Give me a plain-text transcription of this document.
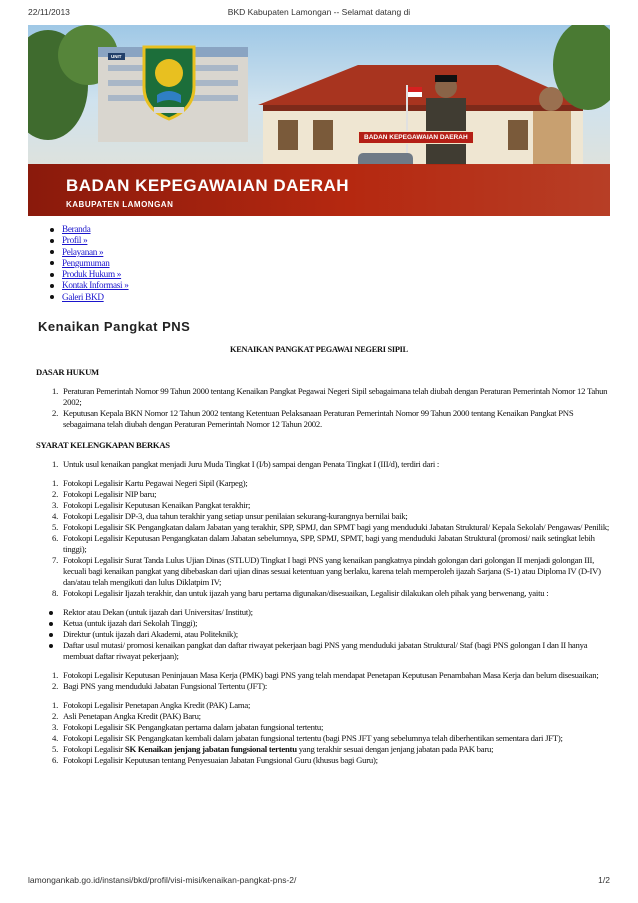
22/11/2013	BKD Kabupaten Lamongan -- Selamat datang di
UNIT
BADAN KEPEGAWAIAN DAERAH
BADAN KEPEGAWAIAN DAERAH
KABUPATEN LAMONGAN
Beranda
Profil »
Pelayanan »
Pengumuman
Produk Hukum »
Kontak Informasi »
Galeri BKD
Kenaikan Pangkat PNS
KENAIKAN PANGKAT PEGAWAI NEGERI SIPIL
DASAR HUKUM
1. Peraturan Pemerintah Nomor 99 Tahun 2000 tentang Kenaikan Pangkat Pegawai Negeri Sipil sebagaimana telah diubah dengan Peraturan Pemerintah Nomor 12 Tahun 2002;
2. Keputusan Kepala BKN Nomor 12 Tahun 2002 tentang Ketentuan Pelaksanaan Peraturan Pemerintah Nomor 99 Tahun 2000 tentang Kenaikan Pangkat PNS sebagaimana telah diubah dengan Peraturan Pemerintah Nomor 12 Tahun 2002.
SYARAT KELENGKAPAN BERKAS
1. Untuk usul kenaikan pangkat menjadi Juru Muda Tingkat I (I/b) sampai dengan Penata Tingkat I (III/d), terdiri dari :
1. Fotokopi Legalisir Kartu Pegawai Negeri Sipil (Karpeg);
2. Fotokopi Legalisir NIP baru;
3. Fotokopi Legalisir Keputusan Kenaikan Pangkat terakhir;
4. Fotokopi Legalisir DP-3, dua tahun terakhir yang setiap unsur penilaian sekurang-kurangnya bernilai baik;
5. Fotokopi Legalisir SK Pengangkatan dalam Jabatan yang terakhir, SPP, SPMJ, dan SPMT bagi yang menduduki Jabatan Struktural/ Kepala Sekolah/ Pengawas/ Penilik;
6. Fotokopi Legalisir Keputusan Pengangkatan dalam Jabatan sebelumnya, SPP, SPMJ, SPMT, bagi yang menduduki Jabatan Struktural (promosi/ naik setingkat lebih tinggi);
7. Fotokopi Legalisir Surat Tanda Lulus Ujian Dinas (STLUD) Tingkat I bagi PNS yang kenaikan pangkatnya pindah golongan dari golongan II menjadi golongan III, kecuali bagi kenaikan pangkat yang dibebaskan dari ujian dinas sesuai ketentuan yang berlaku, karena telah memperoleh ijazah Sarjana (S-1) atau Diploma IV (D-IV) dan/atau telah mengikuti dan lulus Diklatpim IV;
8. Fotokopi Legalisir Ijazah terakhir, dan untuk ijazah yang baru pertama digunakan/disesuaikan, Legalisir dilakukan oleh pihak yang berwenang, yaitu :
Rektor atau Dekan (untuk ijazah dari Universitas/ Institut);
Ketua (untuk ijazah dari Sekolah Tinggi);
Direktur (untuk ijazah dari Akademi, atau Politeknik);
Daftar usul mutasi/ promosi kenaikan pangkat dan daftar riwayat pekerjaan bagi PNS yang menduduki jabatan Struktural/ Staf (bagi PNS golongan I dan II hanya membuat daftar riwayat pekerjaan);
1. Fotokopi Legalisir Keputusan Peninjauan Masa Kerja (PMK) bagi PNS yang telah mendapat Penetapan Keputusan Penambahan Masa Kerja dan belum disesuaikan;
2. Bagi PNS yang menduduki Jabatan Fungsional Tertentu (JFT):
1. Fotokopi Legalisir Penetapan Angka Kredit (PAK) Lama;
2. Asli Penetapan Angka Kredit (PAK) Baru;
3. Fotokopi Legalisir SK Pengangkatan pertama dalam jabatan fungsional tertentu;
4. Fotokopi Legalisir SK Pengangkatan kembali dalam jabatan fungsional tertentu (bagi PNS JFT yang sebelumnya telah diberhentikan sementara dari JFT);
5. Fotokopi Legalisir SK Kenaikan jenjang jabatan fungsional tertentu yang terakhir sesuai dengan jenjang jabatan pada PAK baru;
6. Fotokopi Legalisir Keputusan tentang Penyesuaian Jabatan Fungsional Guru (khusus bagi Guru);
lamongankab.go.id/instansi/bkd/profil/visi-misi/kenaikan-pangkat-pns-2/	1/2
